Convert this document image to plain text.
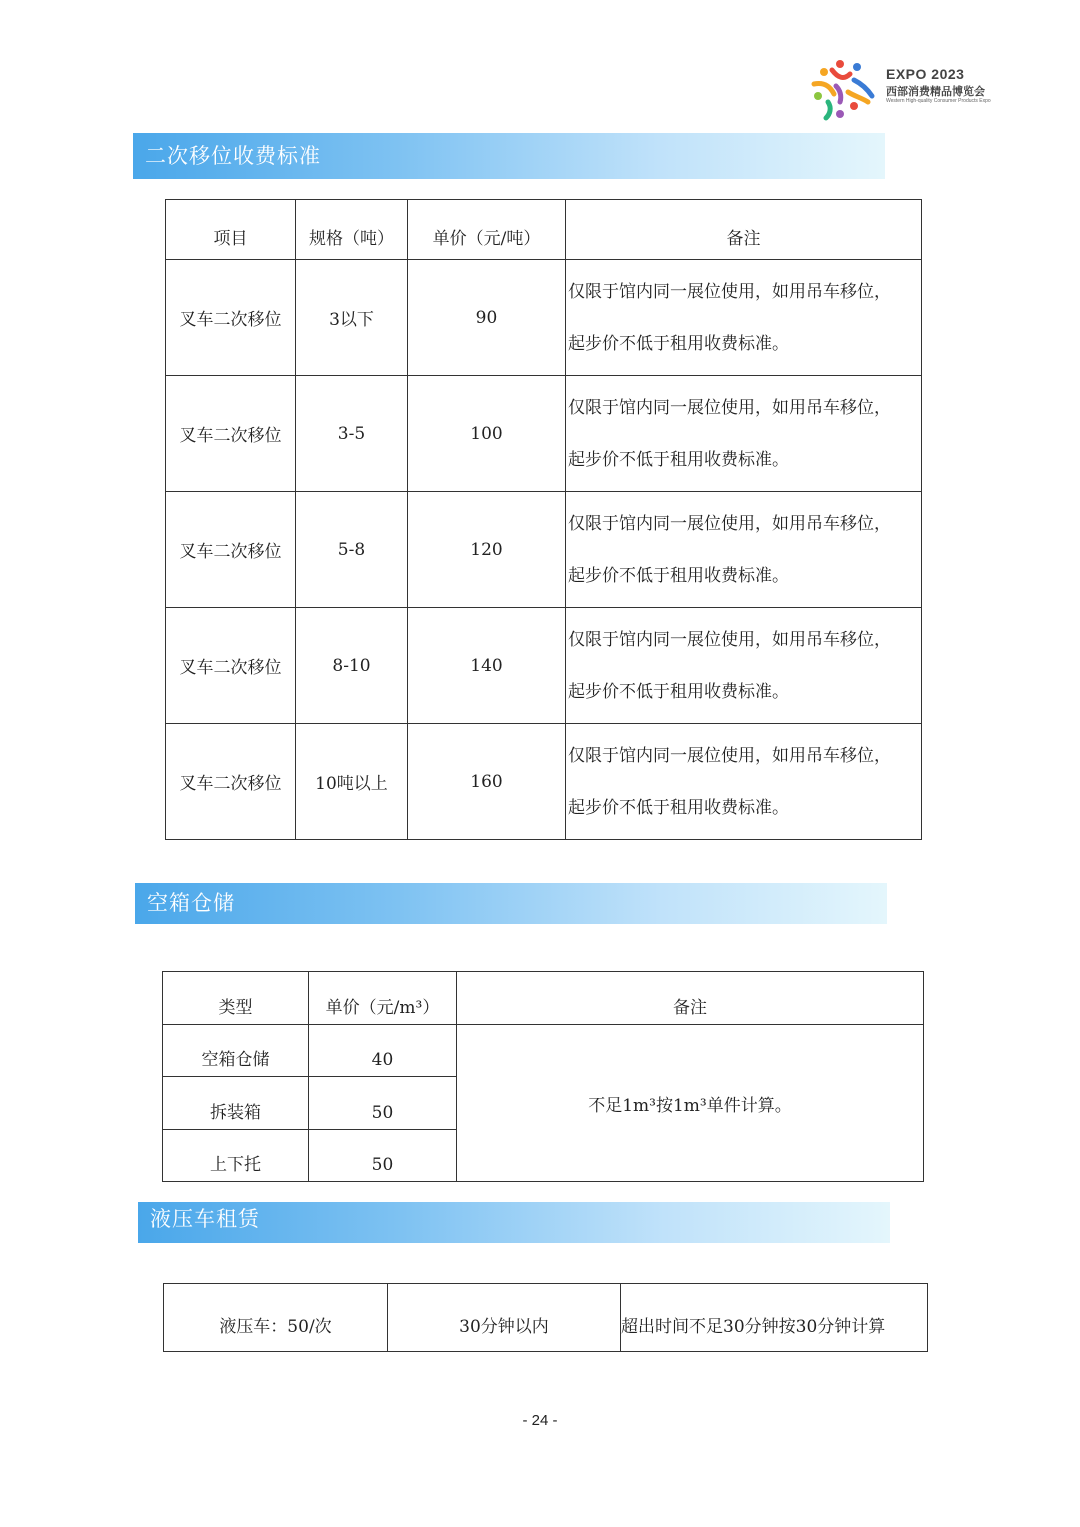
EXPO 2023
西部消费精品博览会
Western High-quality Consumer Products Expo
二次移位收费标准
项目	规格（吨）	单价（元/吨）	备注
叉车二次移位	3以下	90	仅限于馆内同一展位使用，如用吊车移位，
起步价不低于租用收费标准。

叉车二次移位	3-5	100	仅限于馆内同一展位使用，如用吊车移位，
起步价不低于租用收费标准。

叉车二次移位	5-8	120	仅限于馆内同一展位使用，如用吊车移位，
起步价不低于租用收费标准。

叉车二次移位	8-10	140	仅限于馆内同一展位使用，如用吊车移位，
起步价不低于租用收费标准。

叉车二次移位	10吨以上	160	仅限于馆内同一展位使用，如用吊车移位，
起步价不低于租用收费标准。
空箱仓储
类型	单价（元/m³）	备注
空箱仓储	40	不足1m³按1m³单件计算。
拆装箱	50	
上下托	50	
液压车租赁
液压车：50/次	30分钟以内	超出时间不足30分钟按30分钟计算
- 24 -
